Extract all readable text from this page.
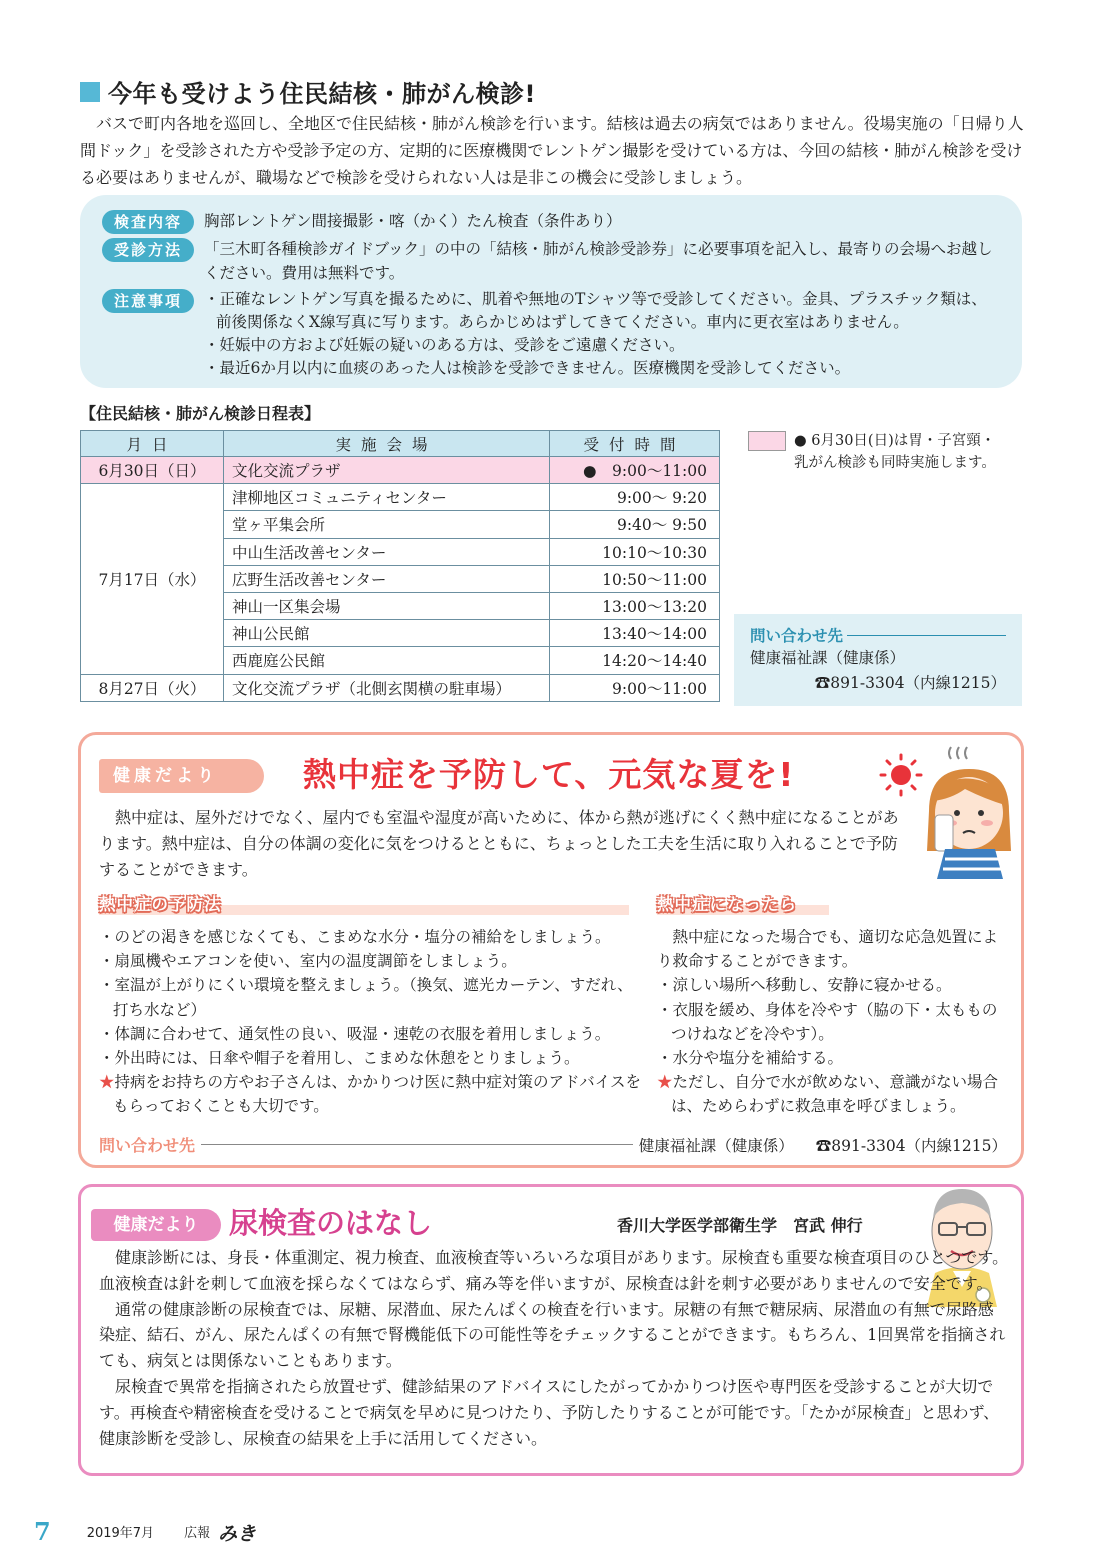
今年も受けよう住民結核・肺がん検診!

バスで町内各地を巡回し、全地区で住民結核・肺がん検診を行います。結核は過去の病気ではありません。役場実施の「日帰り人間ドック」を受診された方や受診予定の方、定期的に医療機関でレントゲン撮影を受けている方は、今回の結核・肺がん検診を受ける必要はありませんが、職場などで検診を受けられない人は是非この機会に受診しましょう。

検査内容	胸部レントゲン間接撮影・喀（かく）たん検査（条件あり）
受診方法	「三木町各種検診ガイドブック」の中の「結核・肺がん検診受診券」に必要事項を記入し、最寄りの会場へお越しください。費用は無料です。
注意事項	・ 正確なレントゲン写真を撮るために、肌着や無地のTシャツ等で受診してください。金具、プラスチック類は、前後関係なくX線写真に写ります。あらかじめはずしてきてください。車内に更衣室はありません。
・ 妊娠中の方および妊娠の疑いのある方は、受診をご遠慮ください。
・ 最近6か月以内に血痰のあった人は検診を受診できません。医療機関を受診してください。
【住民結核・肺がん検診日程表】
月日	実施会場	受付時間
6月30日（日）	文化交流プラザ	●　9:00～11:00
7月17日（水）	津柳地区コミュニティセンター	9:00～ 9:20
	堂ヶ平集会所	9:40～ 9:50
	中山生活改善センター	10:10～10:30
	広野生活改善センター	10:50～11:00
	神山一区集会場	13:00～13:20
	神山公民館	13:40～14:00
	西鹿庭公民館	14:20～14:40
8月27日（火）	文化交流プラザ（北側玄関横の駐車場）	9:00～11:00
● 6月30日(日)は胃・子宮頸・乳がん検診も同時実施します。
問い合わせ先
健康福祉課（健康係）
☎891-3304（内線1215）
健康だより	熱中症を予防して、元気な夏を!

熱中症は、屋外だけでなく、屋内でも室温や湿度が高いために、体から熱が逃げにくく熱中症になることがあります。熱中症は、自分の体調の変化に気をつけるとともに、ちょっとした工夫を生活に取り入れることで予防することができます。

熱中症の予防法
・ のどの渇きを感じなくても、こまめな水分・塩分の補給をしましょう。
・ 扇風機やエアコンを使い、室内の温度調節をしましょう。
・ 室温が上がりにくい環境を整えましょう。（換気、遮光カーテン、すだれ、打ち水など）
・ 体調に合わせて、通気性の良い、吸湿・速乾の衣服を着用しましょう。
・ 外出時には、日傘や帽子を着用し、こまめな休憩をとりましょう。
★ 持病をお持ちの方やお子さんは、かかりつけ医に熱中症対策のアドバイスをもらっておくことも大切です。
熱中症になったら
熱中症になった場合でも、適切な応急処置により救命することができます。
・ 涼しい場所へ移動し、安静に寝かせる。
・ 衣服を緩め、身体を冷やす（脇の下・太もものつけねなどを冷やす）。
・ 水分や塩分を補給する。
★ ただし、自分で水が飲めない、意識がない場合は、ためらわずに救急車を呼びましょう。
問い合わせ先	健康福祉課（健康係） ☎891-3304（内線1215）
健康だより	尿検査のはなし	香川大学医学部衛生学　宮武 伸行

健康診断には、身長・体重測定、視力検査、血液検査等いろいろな項目があります。尿検査も重要な検査項目のひとつです。血液検査は針を刺して血液を採らなくてはならず、痛み等を伴いますが、尿検査は針を刺す必要がありませんので安全です。

通常の健康診断の尿検査では、尿糖、尿潜血、尿たんぱくの検査を行います。尿糖の有無で糖尿病、尿潜血の有無で尿路感染症、結石、がん、尿たんぱくの有無で腎機能低下の可能性等をチェックすることができます。もちろん、1回異常を指摘されても、病気とは関係ないこともあります。

尿検査で異常を指摘されたら放置せず、健診結果のアドバイスにしたがってかかりつけ医や専門医を受診することが大切です。再検査や精密検査を受けることで病気を早めに見つけたり、予防したりすることが可能です。「たかが尿検査」と思わず、健康診断を受診し、尿検査の結果を上手に活用してください。

7	2019年7月 広報 みき
